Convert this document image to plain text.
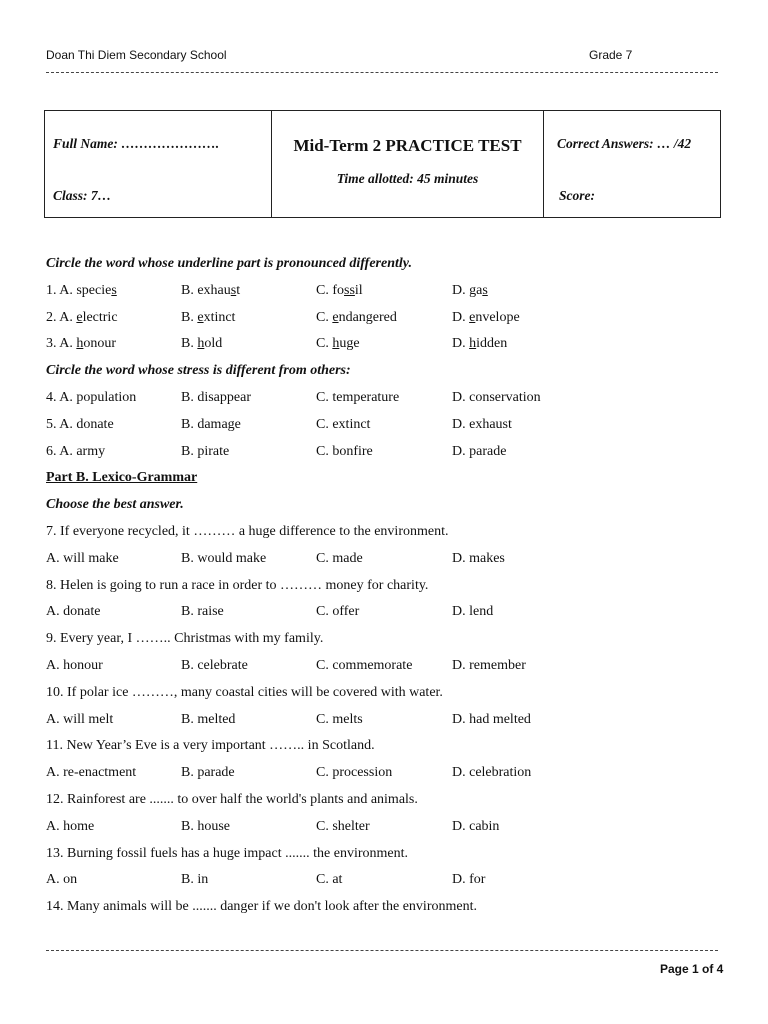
Doan Thi Diem Secondary School	Grade 7
Full Name: ………………….
Class: 7…
Mid-Term 2 PRACTICE TEST
Time allotted: 45 minutes
Correct Answers: … /42
Score:
Circle the word whose underline part is pronounced differently.
1. A. species	B. exhaust	C. fossil	D. gas
2. A. electric	B. extinct	C. endangered	D. envelope
3. A. honour	B. hold	C. huge	D. hidden
Circle the word whose stress is different from others:
4. A. population	B. disappear	C. temperature	D. conservation
5. A. donate	B. damage	C. extinct	D. exhaust
6. A. army	B. pirate	C. bonfire	D. parade
Part B. Lexico-Grammar
Choose the best answer.
7. If everyone recycled, it ……… a huge difference to the environment.
A. will make	B. would make	C. made	D. makes
8. Helen is going to run a race in order to ……… money for charity.
A. donate	B. raise	C. offer	D. lend
9. Every year, I …….. Christmas with my family.
A. honour	B. celebrate	C. commemorate	D. remember
10. If polar ice ………, many coastal cities will be covered with water.
A. will melt	B. melted	C. melts	D. had melted
11. New Year’s Eve is a very important …….. in Scotland.
A. re-enactment	B. parade	C. procession	D. celebration
12. Rainforest are ....... to over half the world's plants and animals.
A. home	B. house	C. shelter	D. cabin
13. Burning fossil fuels has a huge impact ....... the environment.
A. on	B. in	C. at	D. for
14. Many animals will be ....... danger if we don't look after the environment.
Page 1 of 4
